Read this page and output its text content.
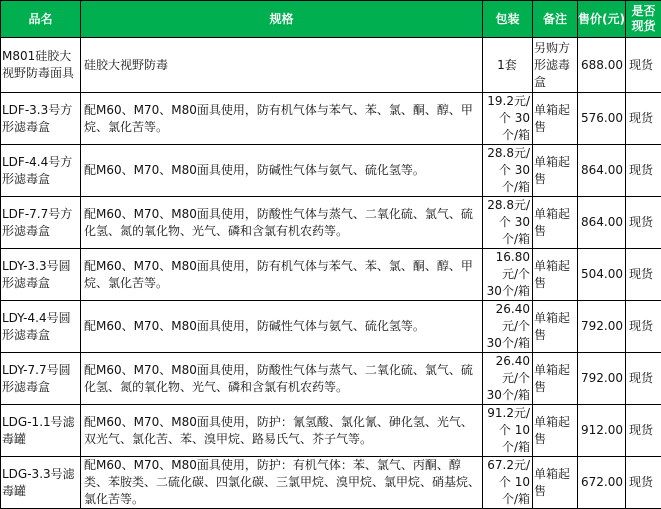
品名	规格	包装	备注	售价(元)	是否现货
M801硅胶大视野防毒面具	硅胶大视野防毒	1套	另购方形滤毒盒	688.00	现货
LDF-3.3号方形滤毒盒	配M60、M70、M80面具使用，防有机气体与苯气、苯、氯、酮、醇、甲烷、氯化苦等。	19.2元/个 30个/箱	单箱起售	576.00	现货
LDF-4.4号方形滤毒盒	配M60、M70、M80面具使用，防碱性气体与氨气、硫化氢等。	28.8元/个 30个/箱	单箱起售	864.00	现货
LDF-7.7号方形滤毒盒	配M60、M70、M80面具使用，防酸性气体与蒸气、二氧化硫、氯气、硫化氢、氮的氧化物、光气、磷和含氯有机农药等。	28.8元/个 30个/箱	单箱起售	864.00	现货
LDY-3.3号圆形滤毒盒	配M60、M70、M80面具使用，防有机气体与苯气、苯、氯、酮、醇、甲烷、氯化苦等。	16.80元/个 30个/箱	单箱起售	504.00	现货
LDY-4.4号圆形滤毒盒	配M60、M70、M80面具使用，防碱性气体与氨气、硫化氢等。	26.40元/个 30个/箱	单箱起售	792.00	现货
LDY-7.7号圆形滤毒盒	配M60、M70、M80面具使用，防酸性气体与蒸气、二氧化硫、氯气、硫化氢、氮的氧化物、光气、磷和含氯有机农药等。	26.40元/个 30个/箱	单箱起售	792.00	现货
LDG-1.1号滤毒罐	配M60、M70、M80面具使用，防护：氰氢酸、氯化氰、砷化氢、光气、双光气、氯化苦、苯、溴甲烷、路易氏气、芥子气等。	91.2元/个 10个/箱	单箱起售	912.00	现货
LDG-3.3号滤毒罐	配M60、M70、M80面具使用，防护：有机气体：苯、氯气、丙酮、醇类、苯胺类、二硫化碳、四氯化碳、三氯甲烷、溴甲烷、氯甲烷、硝基烷、氯化苦等。	67.2元/个 10个/箱	单箱起售	672.00	现货
